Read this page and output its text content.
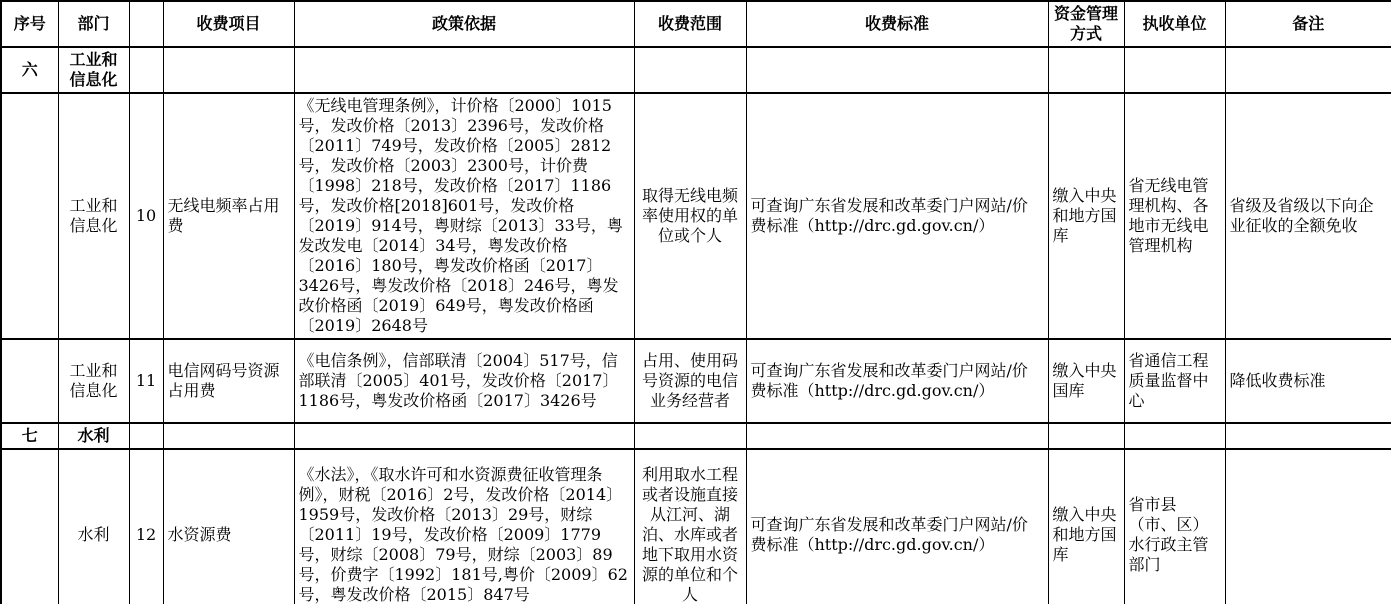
序号	部门		收费项目	政策依据	收费范围	收费标准	资金管理方式	执收单位	备注
六	工业和信息化								
	工业和信息化	10	无线电频率占用费	《无线电管理条例》，计价格〔2000〕1015号，发改价格〔2013〕2396号，发改价格〔2011〕749号，发改价格〔2005〕2812号，发改价格〔2003〕2300号，计价费〔1998〕218号，发改价格〔2017〕1186号，发改价格[2018]601号，发改价格〔2019〕914号，粤财综〔2013〕33号，粤发改发电〔2014〕34号，粤发改价格〔2016〕180号，粤发改价格函〔2017〕3426号，粤发改价格〔2018〕246号，粤发改价格函〔2019〕649号，粤发改价格函〔2019〕2648号	取得无线电频率使用权的单位或个人	可查询广东省发展和改革委门户网站/价费标准（http://drc.gd.gov.cn/）	缴入中央和地方国库	省无线电管理机构、各地市无线电管理机构	省级及省级以下向企业征收的全额免收
	工业和信息化	11	电信网码号资源占用费	《电信条例》，信部联清〔2004〕517号，信部联清〔2005〕401号，发改价格〔2017〕1186号，粤发改价格函〔2017〕3426号	占用、使用码号资源的电信业务经营者	可查询广东省发展和改革委门户网站/价费标准（http://drc.gd.gov.cn/）	缴入中央国库	省通信工程质量监督中心	降低收费标准
七	水利								
	水利	12	水资源费	《水法》，《取水许可和水资源费征收管理条例》，财税〔2016〕2号，发改价格〔2014〕1959号，发改价格〔2013〕29号，财综〔2011〕19号，发改价格〔2009〕1779号，财综〔2008〕79号，财综〔2003〕89号，价费字〔1992〕181号,粤价〔2009〕62号，粤发改价格〔2015〕847号	利用取水工程或者设施直接从江河、湖泊、水库或者地下取用水资源的单位和个人	可查询广东省发展和改革委门户网站/价费标准（http://drc.gd.gov.cn/）	缴入中央和地方国库	省市县（市、区）水行政主管部门	
